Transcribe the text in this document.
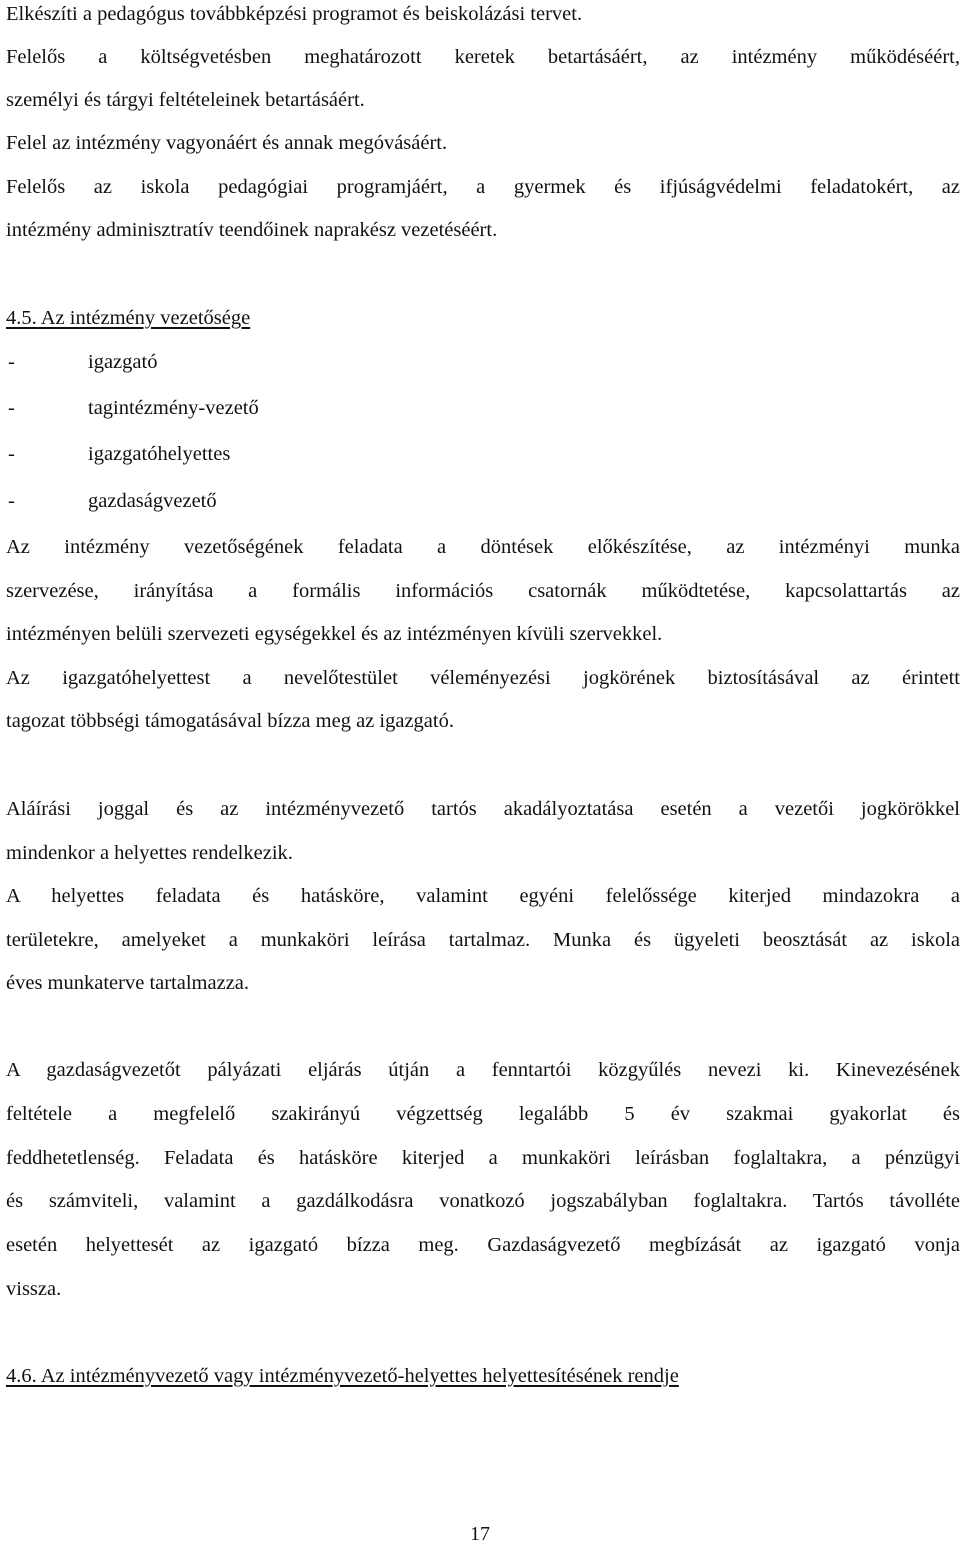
Elkészíti a pedagógus továbbképzési programot és beiskolázási tervet.
Felelős a költségvetésben meghatározott keretek betartásáért, az intézmény működéséért,
személyi és tárgyi feltételeinek betartásáért.
Felel az intézmény vagyonáért és annak megóvásáért.
Felelős az iskola pedagógiai programjáért, a gyermek és ifjúságvédelmi feladatokért, az
intézmény adminisztratív teendőinek naprakész vezetéséért.
4.5. Az intézmény vezetősége
-	igazgató
-	tagintézmény-vezető
-	igazgatóhelyettes
-	gazdaságvezető
Az intézmény vezetőségének feladata a döntések előkészítése, az intézményi munka
szervezése, irányítása a formális információs csatornák működtetése, kapcsolattartás az
intézményen belüli szervezeti egységekkel és az intézményen kívüli szervekkel.
Az igazgatóhelyettest a nevelőtestület véleményezési jogkörének biztosításával az érintett
tagozat többségi támogatásával bízza meg az igazgató.
Aláírási joggal és az intézményvezető tartós akadályoztatása esetén a vezetői jogkörökkel
mindenkor a helyettes rendelkezik.
A helyettes feladata és hatásköre, valamint egyéni felelőssége kiterjed mindazokra a
területekre, amelyeket a munkaköri leírása tartalmaz. Munka és ügyeleti beosztását az iskola
éves munkaterve tartalmazza.
A gazdaságvezetőt pályázati eljárás útján a fenntartói közgyűlés nevezi ki. Kinevezésének
feltétele a megfelelő szakirányú végzettség legalább 5 év szakmai gyakorlat és
feddhetetlenség. Feladata és hatásköre kiterjed a munkaköri leírásban foglaltakra, a pénzügyi
és számviteli, valamint a gazdálkodásra vonatkozó jogszabályban foglaltakra. Tartós távolléte
esetén helyettesét az igazgató bízza meg. Gazdaságvezető megbízását az igazgató vonja
vissza.
4.6. Az intézményvezető vagy intézményvezető-helyettes helyettesítésének rendje
17
